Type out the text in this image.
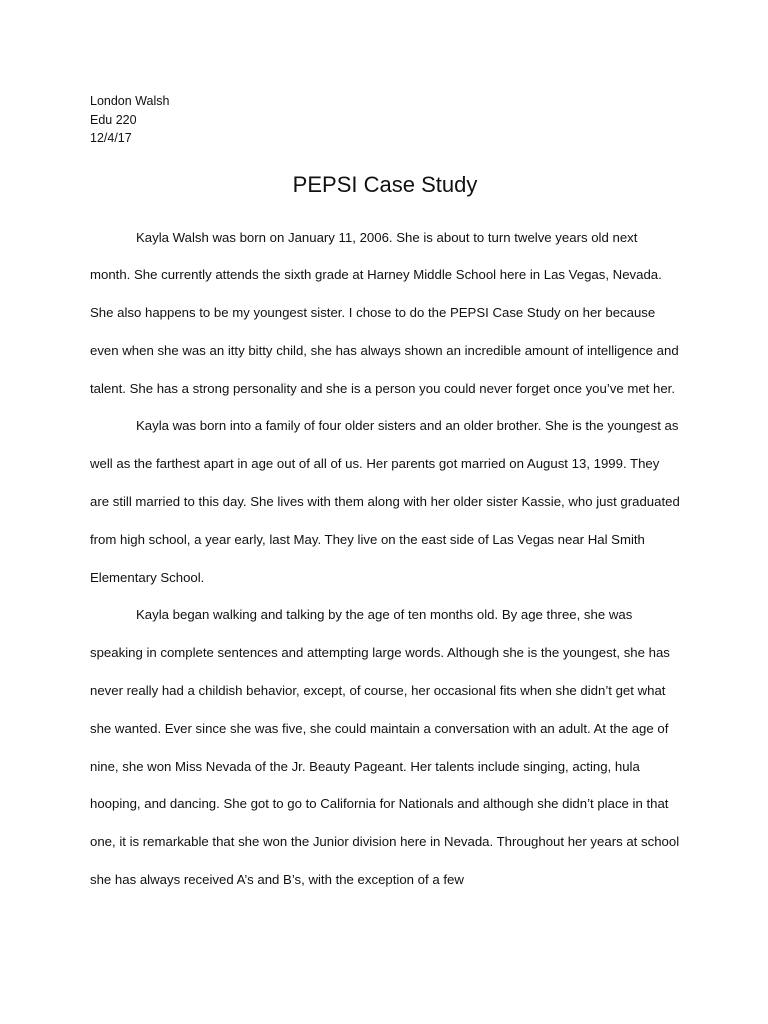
London Walsh
Edu 220
12/4/17
PEPSI Case Study

Kayla Walsh was born on January 11, 2006. She is about to turn twelve years old next month. She currently attends the sixth grade at Harney Middle School here in Las Vegas, Nevada. She also happens to be my youngest sister. I chose to do the PEPSI Case Study on her because even when she was an itty bitty child, she has always shown an incredible amount of intelligence and talent. She has a strong personality and she is a person you could never forget once you’ve met her.

Kayla was born into a family of four older sisters and an older brother. She is the youngest as well as the farthest apart in age out of all of us. Her parents got married on August 13, 1999. They are still married to this day. She lives with them along with her older sister Kassie, who just graduated from high school, a year early, last May. They live on the east side of Las Vegas near Hal Smith Elementary School.

Kayla began walking and talking by the age of ten months old. By age three, she was speaking in complete sentences and attempting large words. Although she is the youngest, she has never really had a childish behavior, except, of course, her occasional fits when she didn’t get what she wanted. Ever since she was five, she could maintain a conversation with an adult. At the age of nine, she won Miss Nevada of the Jr. Beauty Pageant. Her talents include singing, acting, hula hooping, and dancing. She got to go to California for Nationals and although she didn’t place in that one, it is remarkable that she won the Junior division here in Nevada. Throughout her years at school she has always received A’s and B’s, with the exception of a few
